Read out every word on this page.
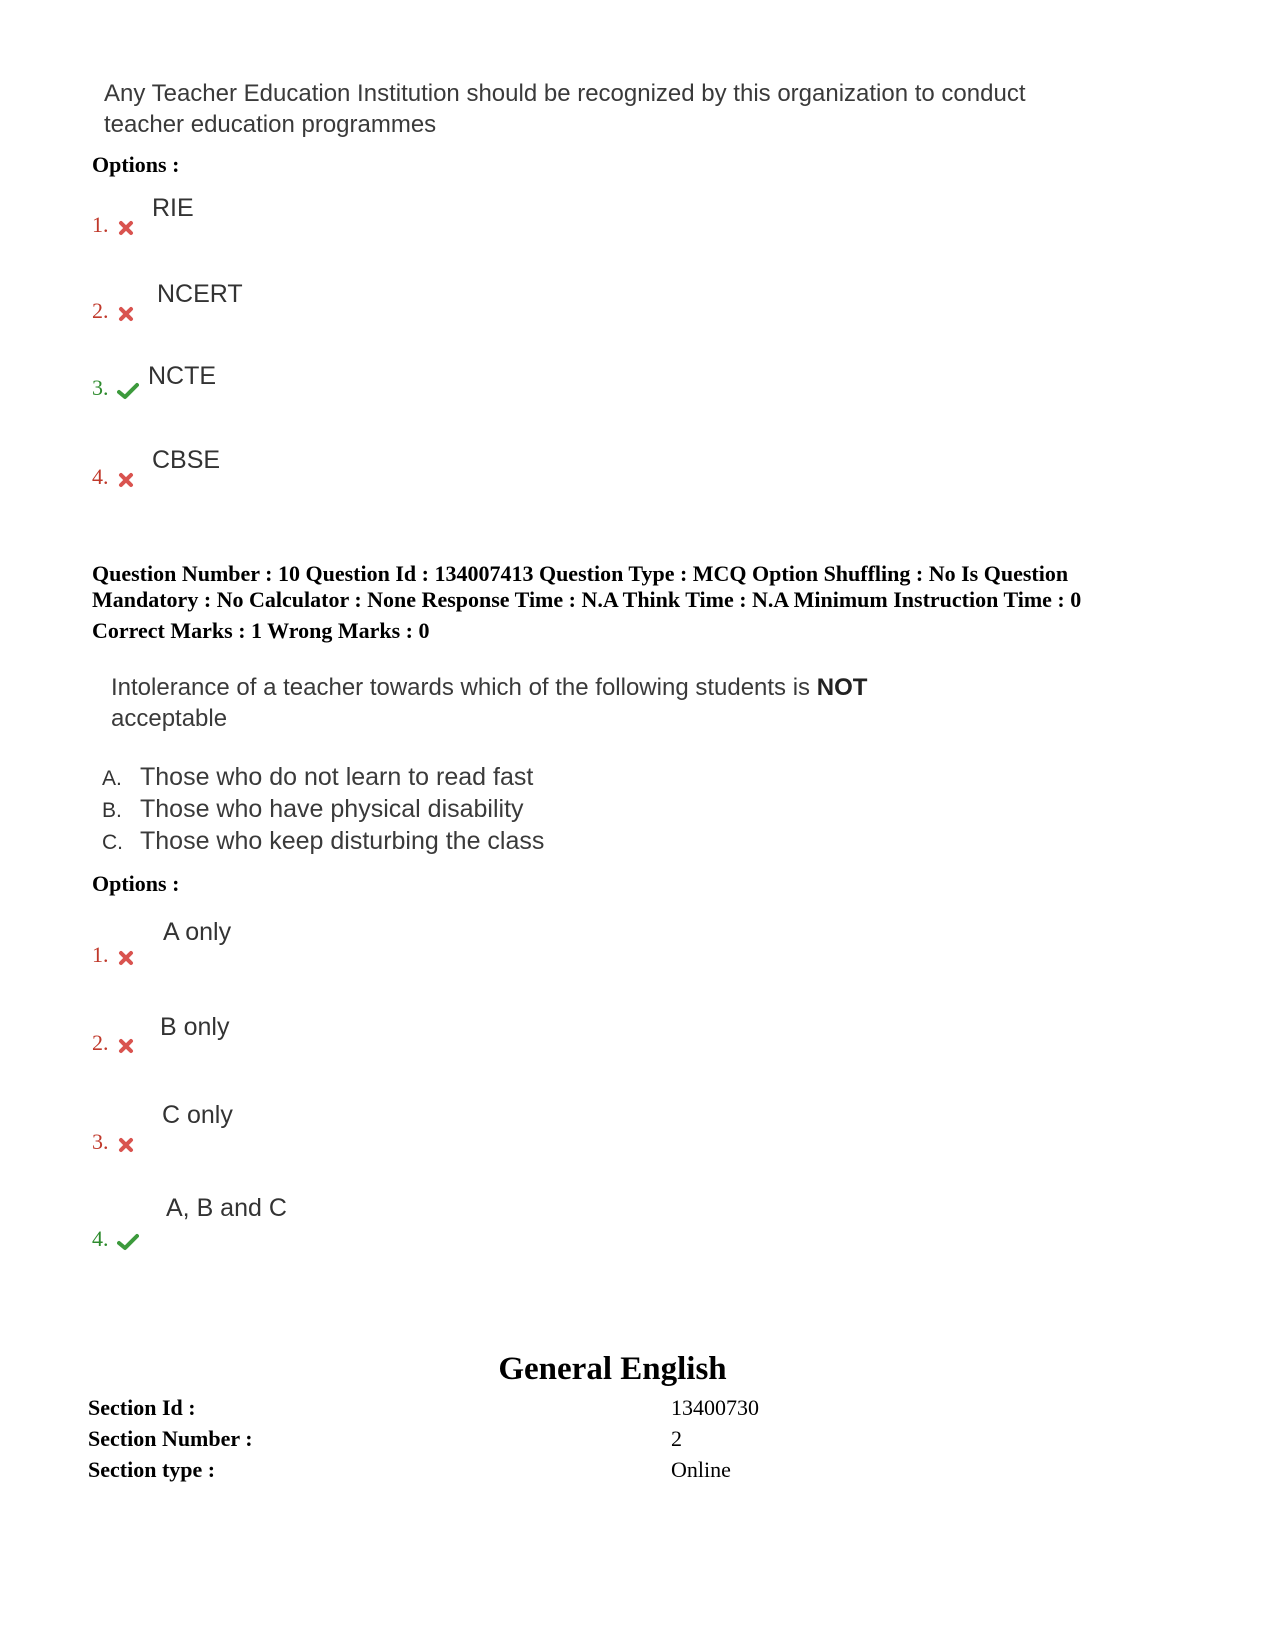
Any Teacher Education Institution should be recognized by this organization to conduct teacher education programmes
Options :
1.
RIE
2.
NCERT
3.	NCTE
4.
CBSE
Question Number : 10 Question Id : 134007413 Question Type : MCQ Option Shuffling : No Is Question Mandatory : No Calculator : None Response Time : N.A Think Time : N.A Minimum Instruction Time : 0
Correct Marks : 1 Wrong Marks : 0
Intolerance of a teacher towards which of the following students is NOT
acceptable
A. Those who do not learn to read fast
B. Those who have physical disability
C. Those who keep disturbing the class
Options :
1.
A only
2.
B only
3.
C only
4.
A, B and C
General English
Section Id :	13400730
Section Number :	2
Section type :	Online
